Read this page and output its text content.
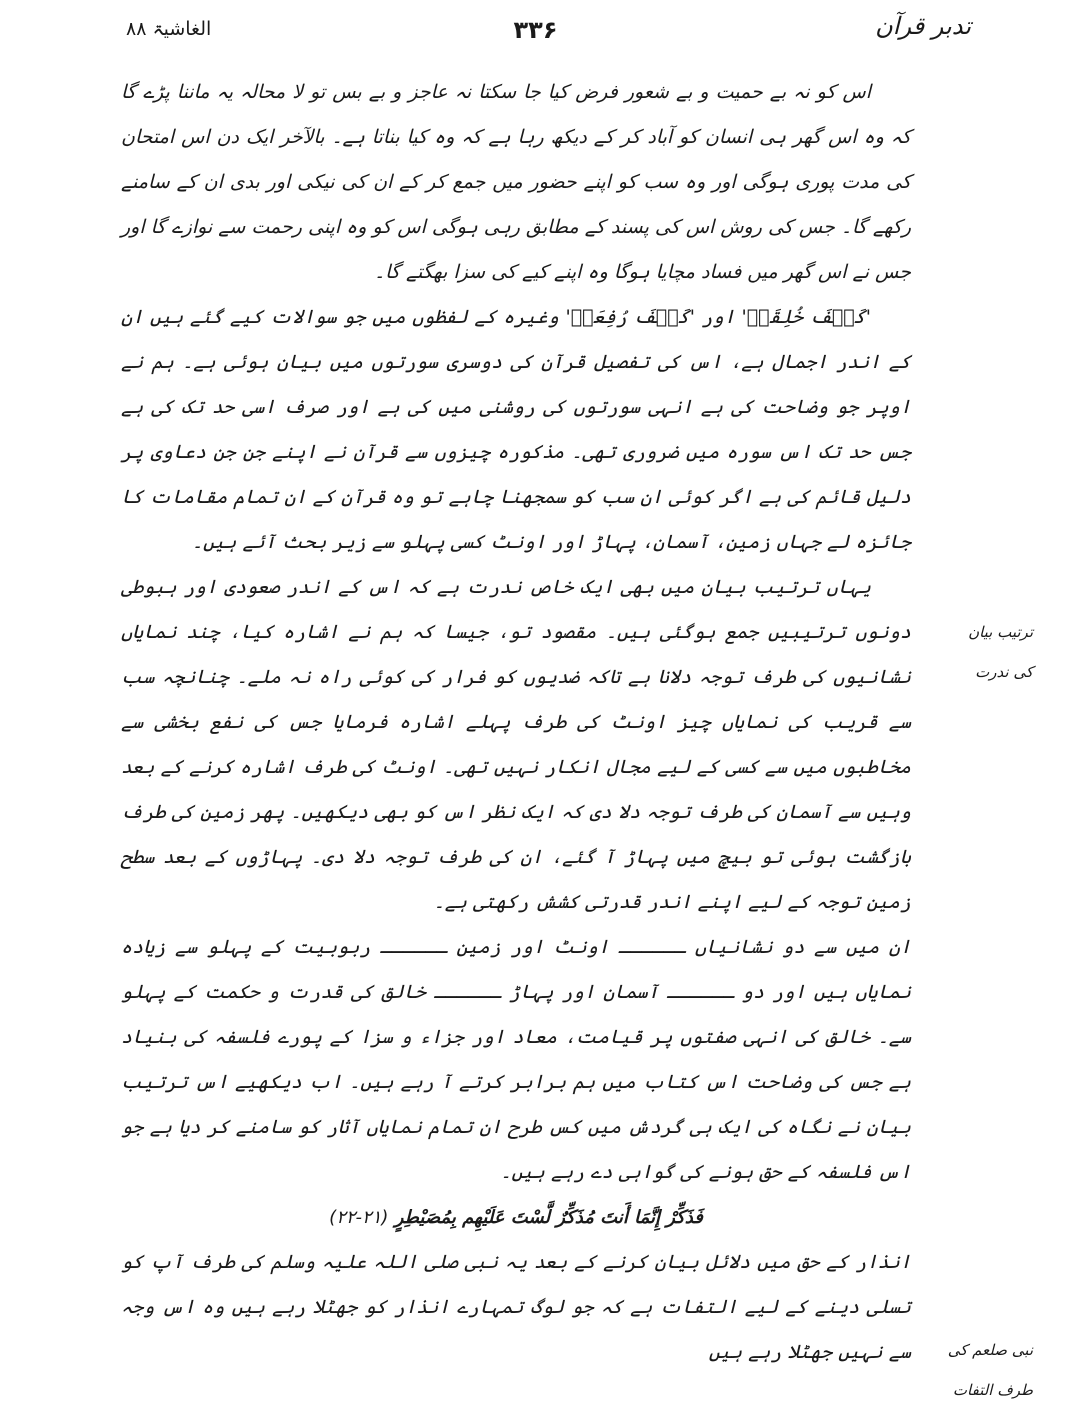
تدبر قرآن
۳۳۶
الغاشیۃ ۸۸
ترتیب بیان
کی ندرت
نبی صلعم کی
طرف التفات

اس کو نہ بے حمیت و بے شعور فرض کیا جا سکتا نہ عاجز و بے بس تو لا محالہ یہ ماننا پڑے گا کہ وہ اس گھر ہی انسان کو آباد کر کے دیکھ رہا ہے کہ وہ کیا بناتا ہے۔ بالآخر ایک دن اس امتحان کی مدت پوری ہوگی اور وہ سب کو اپنے حضور میں جمع کر کے ان کی نیکی اور بدی ان کے سامنے رکھے گا۔ جس کی روش اس کی پسند کے مطابق رہی ہوگی اس کو وہ اپنی رحمت سے نوازے گا اور جس نے اس گھر میں فساد مچایا ہوگا وہ اپنے کیے کی سزا بھگتے گا۔

'کَیۡفَ خُلِقَتۡ' اور 'کَیۡفَ رُفِعَتۡ' وغیرہ کے لفظوں میں جو سوالات کیے گئے ہیں ان کے اندر اجمال ہے، اس کی تفصیل قرآن کی دوسری سورتوں میں بیان ہوئی ہے۔ ہم نے اوپر جو وضاحت کی ہے انہی سورتوں کی روشنی میں کی ہے اور صرف اسی حد تک کی ہے جس حد تک اس سورہ میں ضروری تھی۔ مذکورہ چیزوں سے قرآن نے اپنے جن جن دعاوی پر دلیل قائم کی ہے اگر کوئی ان سب کو سمجھنا چاہے تو وہ قرآن کے ان تمام مقامات کا جائزہ لے جہاں زمین، آسمان، پہاڑ اور اونٹ کسی پہلو سے زیر بحث آئے ہیں۔

یہاں ترتیب بیان میں بھی ایک خاص ندرت ہے کہ اس کے اندر صعودی اور ہبوطی دونوں ترتیبیں جمع ہوگئی ہیں۔ مقصود تو، جیسا کہ ہم نے اشارہ کیا، چند نمایاں نشانیوں کی طرف توجہ دلانا ہے تاکہ ضدیوں کو فرار کی کوئی راہ نہ ملے۔ چنانچہ سب سے قریب کی نمایاں چیز اونٹ کی طرف پہلے اشارہ فرمایا جس کی نفع بخشی سے مخاطبوں میں سے کسی کے لیے مجال انکار نہیں تھی۔ اونٹ کی طرف اشارہ کرنے کے بعد وہیں سے آسمان کی طرف توجہ دلا دی کہ ایک نظر اس کو بھی دیکھیں۔ پھر زمین کی طرف بازگشت ہوئی تو بیچ میں پہاڑ آ گئے، ان کی طرف توجہ دلا دی۔ پہاڑوں کے بعد سطح زمین توجہ کے لیے اپنے اندر قدرتی کشش رکھتی ہے۔

ان میں سے دو نشانیاں ــــــ اونٹ اور زمین ــــــ ربوبیت کے پہلو سے زیادہ نمایاں ہیں اور دو ــــــ آسمان اور پہاڑ ــــــ خالق کی قدرت و حکمت کے پہلو سے۔ خالق کی انہی صفتوں پر قیامت، معاد اور جزاء و سزا کے پورے فلسفہ کی بنیاد ہے جس کی وضاحت اس کتاب میں ہم برابر کرتے آ رہے ہیں۔ اب دیکھیے اس ترتیب بیان نے نگاہ کی ایک ہی گردش میں کس طرح ان تمام نمایاں آثار کو سامنے کر دیا ہے جو اس فلسفہ کے حق ہونے کی گواہی دے رہے ہیں۔

فَذَكِّرْ إِنَّمَا أَنتَ مُذَكِّرٌ لَّسْتَ عَلَيْهِم بِمُصَيْطِرٍ (۲۱-۲۲)

انذار کے حق میں دلائل بیان کرنے کے بعد یہ نبی صلی اللہ علیہ وسلم کی طرف آپ کو تسلی دینے کے لیے التفات ہے کہ جو لوگ تمہارے انذار کو جھٹلا رہے ہیں وہ اس وجہ سے نہیں جھٹلا رہے ہیں
